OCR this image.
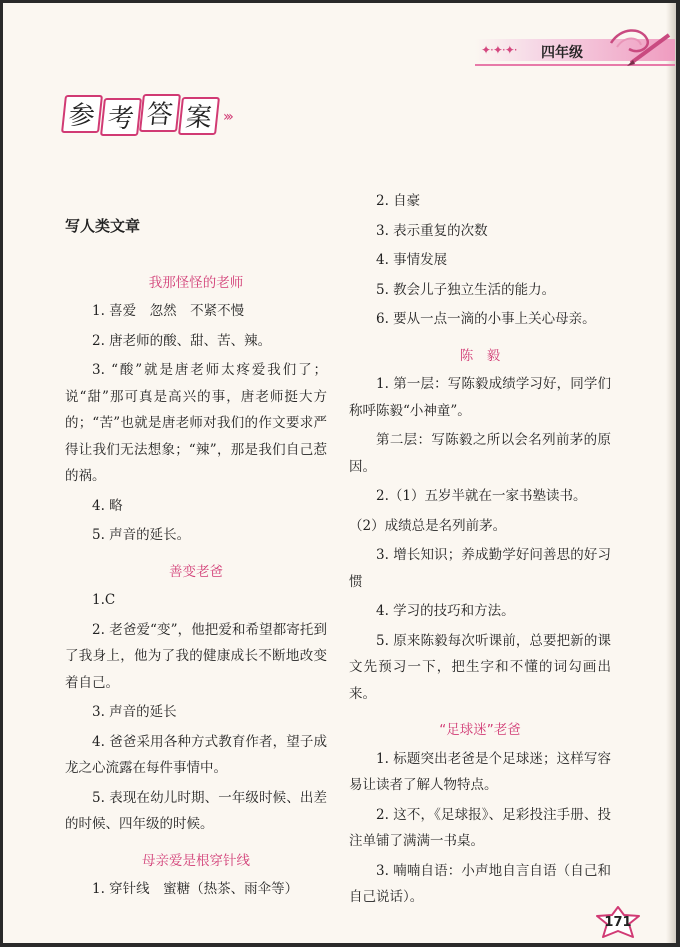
✦·✦·✦· 四年级
参 考 答 案 ›››
写人类文章
我那怪怪的老师
1. 喜爱　忽然　不紧不慢
2. 唐老师的酸、甜、苦、辣。
3. “酸”就是唐老师太疼爱我们了；说“甜”那可真是高兴的事，唐老师挺大方的；“苦”也就是唐老师对我们的作文要求严得让我们无法想象；“辣”，那是我们自己惹的祸。
4. 略
5. 声音的延长。
善变老爸
1.C
2. 老爸爱“变”，他把爱和希望都寄托到了我身上，他为了我的健康成长不断地改变着自己。
3. 声音的延长
4. 爸爸采用各种方式教育作者，望子成龙之心流露在每件事情中。
5. 表现在幼儿时期、一年级时候、出差的时候、四年级的时候。
母亲爱是根穿针线
1. 穿针线　蜜糖（热茶、雨伞等）
2. 自豪
3. 表示重复的次数
4. 事情发展
5. 教会儿子独立生活的能力。
6. 要从一点一滴的小事上关心母亲。
陈　毅
1. 第一层：写陈毅成绩学习好，同学们称呼陈毅“小神童”。
第二层：写陈毅之所以会名列前茅的原因。
2.（1）五岁半就在一家书塾读书。
（2）成绩总是名列前茅。
3. 增长知识；养成勤学好问善思的好习惯
4. 学习的技巧和方法。
5. 原来陈毅每次听课前，总要把新的课文先预习一下，把生字和不懂的词勾画出来。
“足球迷”老爸
1. 标题突出老爸是个足球迷；这样写容易让读者了解人物特点。
2. 这不，《足球报》、足彩投注手册、投注单铺了满满一书桌。
3. 喃喃自语：小声地自言自语（自己和自己说话）。
171
